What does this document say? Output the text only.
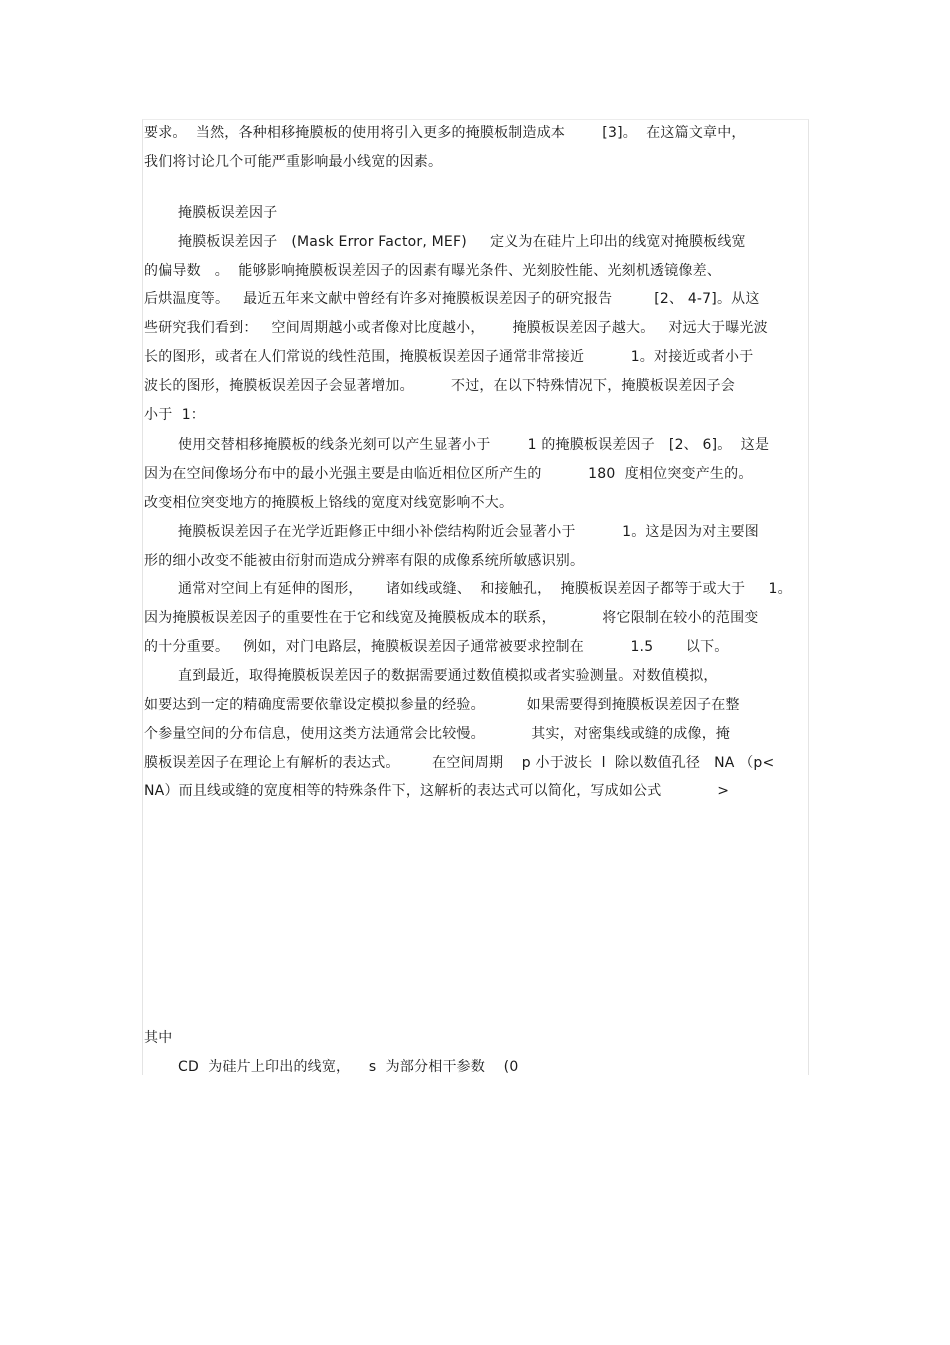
要求。  当然，各种相移掩膜板的使用将引入更多的掩膜板制造成本        [3]。  在这篇文章中，
我们将讨论几个可能严重影响最小线宽的因素。
掩膜板误差因子
掩膜板误差因子   (Mask Error Factor, MEF)     定义为在硅片上印出的线宽对掩膜板线宽
的偏导数   。  能够影响掩膜板误差因子的因素有曝光条件、光刻胶性能、光刻机透镜像差、
后烘温度等。   最近五年来文献中曾经有许多对掩膜板误差因子的研究报告         [2、 4-7]。从这
些研究我们看到：   空间周期越小或者像对比度越小，      掩膜板误差因子越大。   对远大于曝光波
长的图形，或者在人们常说的线性范围，掩膜板误差因子通常非常接近          1。对接近或者小于
波长的图形，掩膜板误差因子会显著增加。        不过，在以下特殊情况下，掩膜板误差因子会
小于  1：
使用交替相移掩膜板的线条光刻可以产生显著小于        1 的掩膜板误差因子   [2、 6]。  这是
因为在空间像场分布中的最小光强主要是由临近相位区所产生的          180  度相位突变产生的。
改变相位突变地方的掩膜板上铬线的宽度对线宽影响不大。
掩膜板误差因子在光学近距修正中细小补偿结构附近会显著小于          1。这是因为对主要图
形的细小改变不能被由衍射而造成分辨率有限的成像系统所敏感识别。
通常对空间上有延伸的图形，     诸如线或缝、  和接触孔，  掩膜板误差因子都等于或大于     1。
因为掩膜板误差因子的重要性在于它和线宽及掩膜板成本的联系，          将它限制在较小的范围变
的十分重要。   例如，对门电路层，掩膜板误差因子通常被要求控制在          1.5       以下。
直到最近，取得掩膜板误差因子的数据需要通过数值模拟或者实验测量。对数值模拟，
如要达到一定的精确度需要依靠设定模拟参量的经验。         如果需要得到掩膜板误差因子在整
个参量空间的分布信息，使用这类方法通常会比较慢。          其实，对密集线或缝的成像，掩
膜板误差因子在理论上有解析的表达式。       在空间周期    p 小于波长  l  除以数值孔径   NA （p<
NA）而且线或缝的宽度相等的特殊条件下，这解析的表达式可以简化，写成如公式            >
其中
CD  为硅片上印出的线宽，    s  为部分相干参数    (0
